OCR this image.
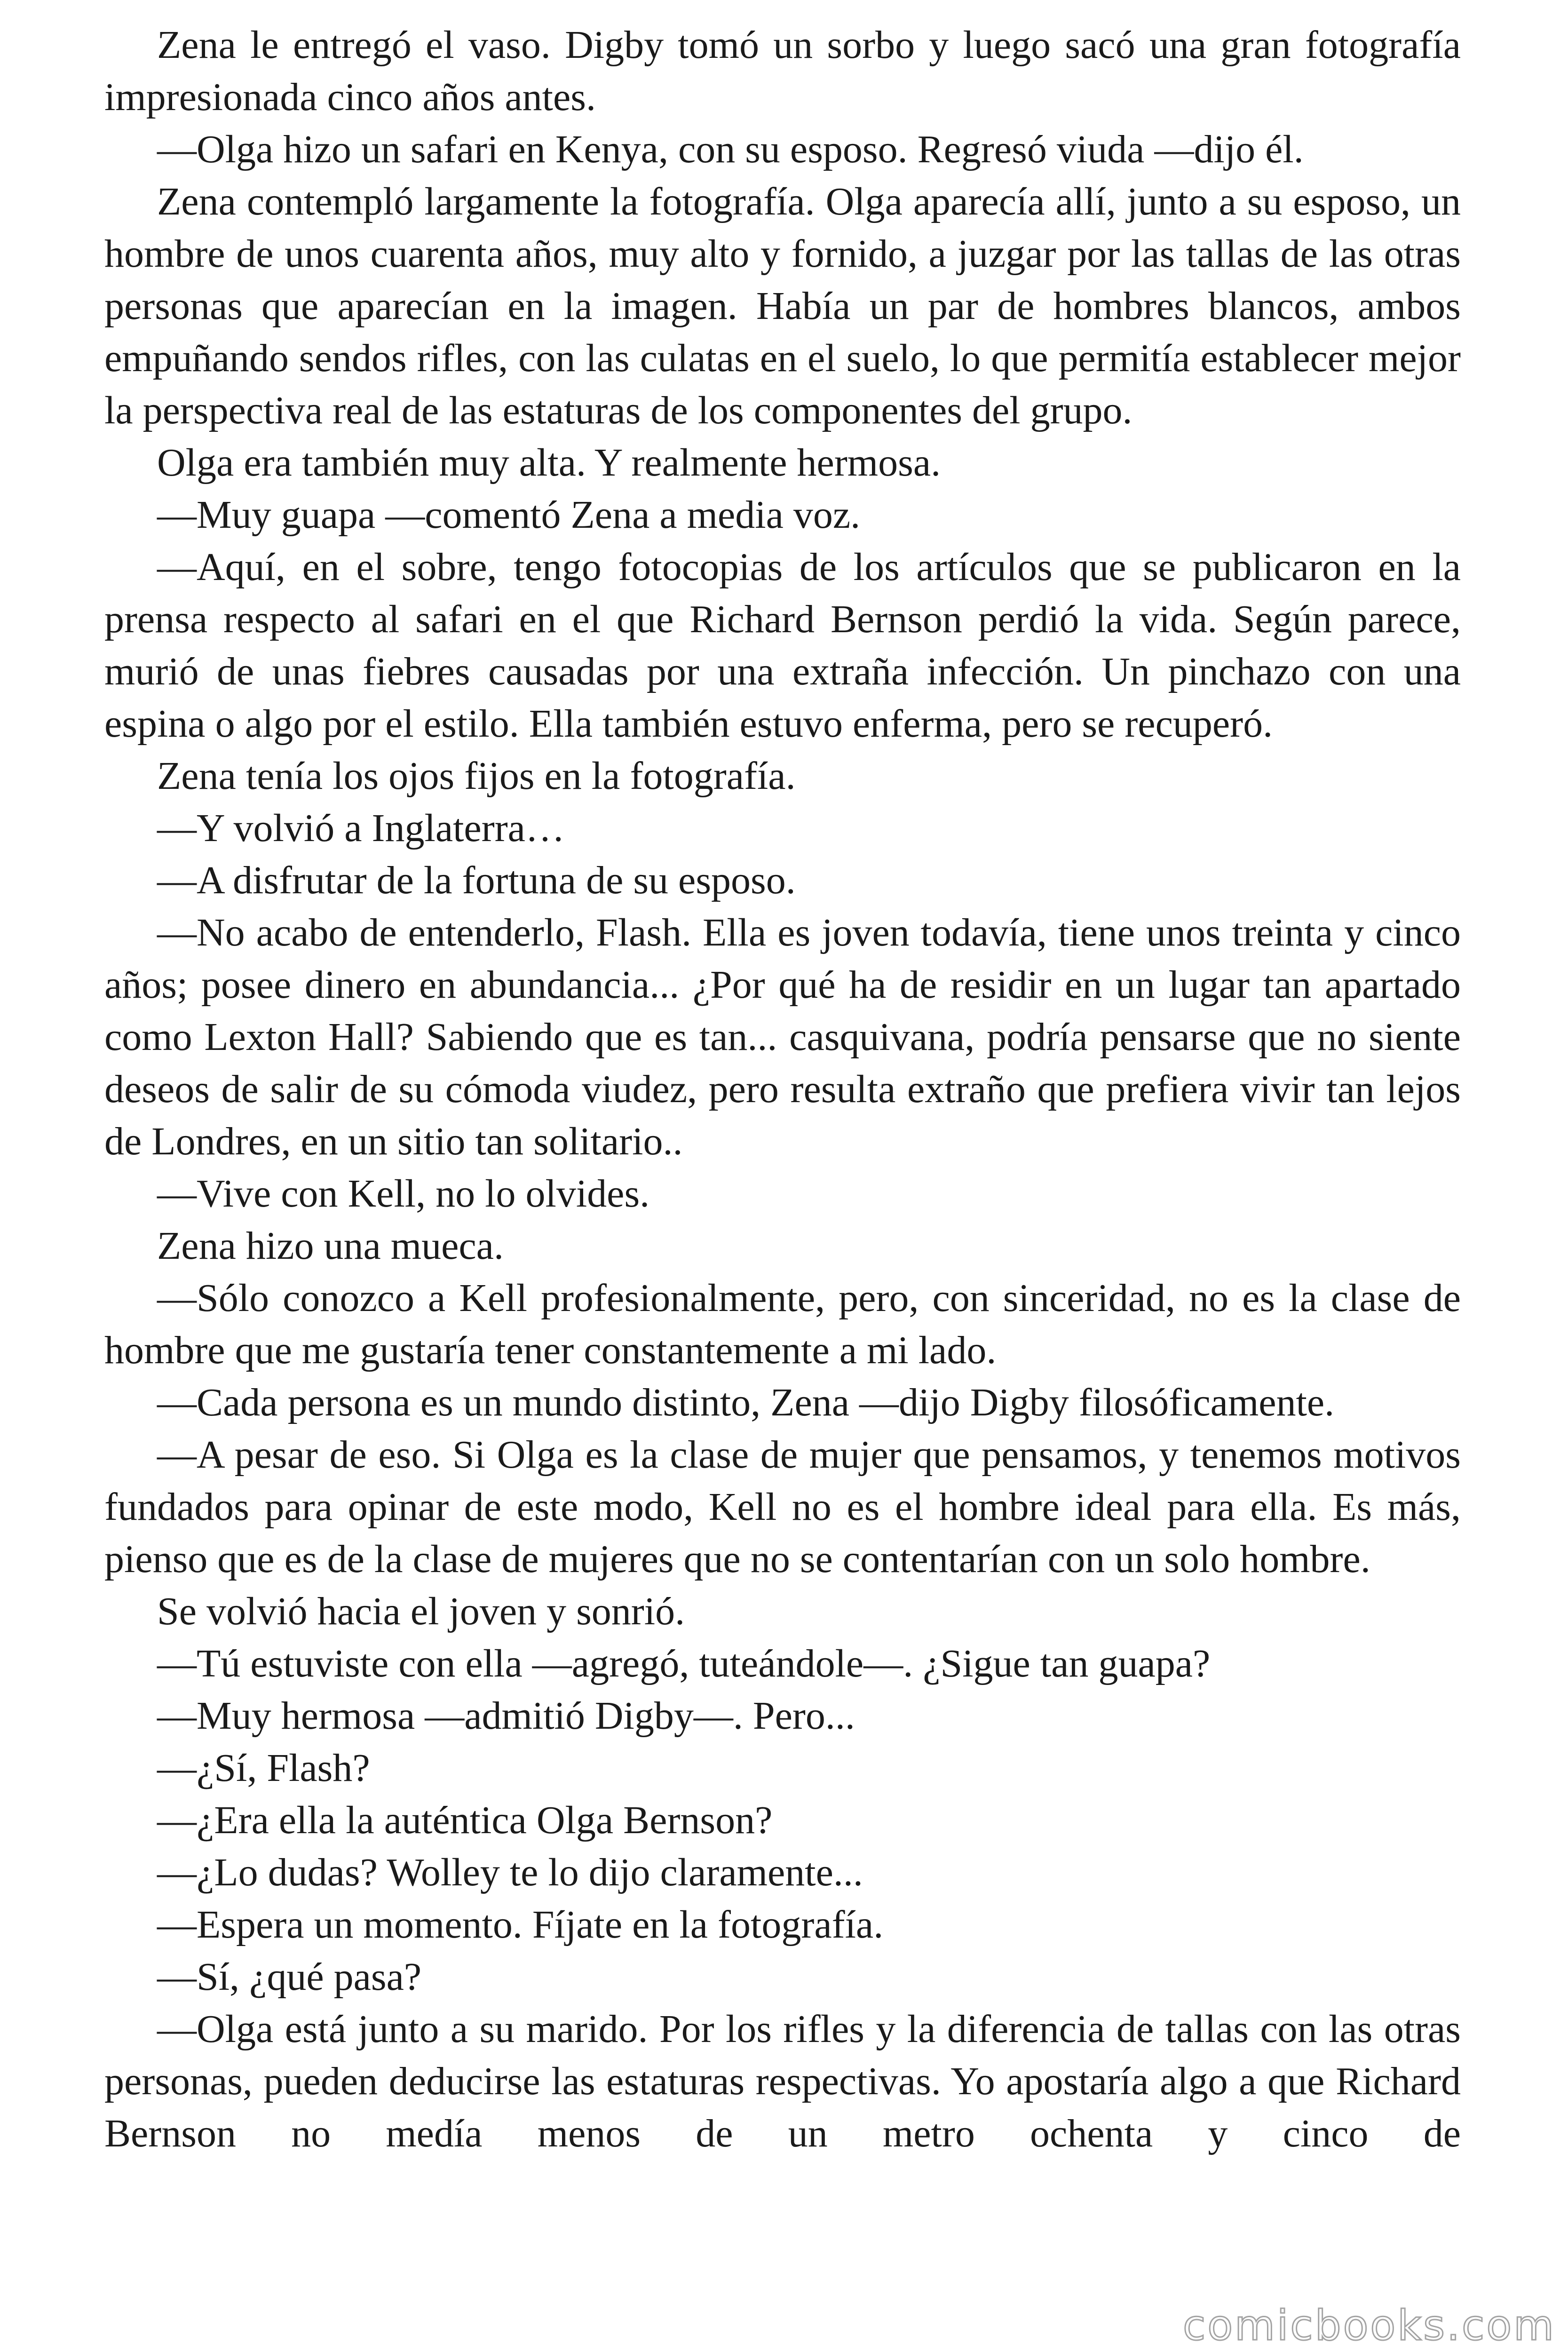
Zena le entregó el vaso. Digby tomó un sorbo y luego sacó una gran fotografía impresionada cinco años antes.

—Olga hizo un safari en Kenya, con su esposo. Regresó viuda —dijo él.

Zena contempló largamente la fotografía. Olga aparecía allí, junto a su esposo, un hombre de unos cuarenta años, muy alto y fornido, a juzgar por las tallas de las otras personas que aparecían en la imagen. Había un par de hombres blancos, ambos empuñando sendos rifles, con las culatas en el suelo, lo que permitía establecer mejor la perspectiva real de las estaturas de los componentes del grupo.

Olga era también muy alta. Y realmente hermosa.

—Muy guapa —comentó Zena a media voz.

—Aquí, en el sobre, tengo fotocopias de los artículos que se publicaron en la prensa respecto al safari en el que Richard Bernson perdió la vida. Según parece, murió de unas fiebres causadas por una extraña infección. Un pinchazo con una espina o algo por el estilo. Ella también estuvo enferma, pero se recuperó.

Zena tenía los ojos fijos en la fotografía.

—Y volvió a Inglaterra…

—A disfrutar de la fortuna de su esposo.

—No acabo de entenderlo, Flash. Ella es joven todavía, tiene unos treinta y cinco años; posee dinero en abundancia... ¿Por qué ha de residir en un lugar tan apartado como Lexton Hall? Sabiendo que es tan... casquivana, podría pensarse que no siente deseos de salir de su cómoda viudez, pero resulta extraño que prefiera vivir tan lejos de Londres, en un sitio tan solitario..

—Vive con Kell, no lo olvides.

Zena hizo una mueca.

—Sólo conozco a Kell profesionalmente, pero, con sinceridad, no es la clase de hombre que me gustaría tener constantemente a mi lado.

—Cada persona es un mundo distinto, Zena —dijo Digby filosóficamente.

—A pesar de eso. Si Olga es la clase de mujer que pensamos, y tenemos motivos fundados para opinar de este modo, Kell no es el hombre ideal para ella. Es más, pienso que es de la clase de mujeres que no se contentarían con un solo hombre.

Se volvió hacia el joven y sonrió.

—Tú estuviste con ella —agregó, tuteándole—. ¿Sigue tan guapa?

—Muy hermosa —admitió Digby—. Pero...

—¿Sí, Flash?

—¿Era ella la auténtica Olga Bernson?

—¿Lo dudas? Wolley te lo dijo claramente...

—Espera un momento. Fíjate en la fotografía.

—Sí, ¿qué pasa?

—Olga está junto a su marido. Por los rifles y la diferencia de tallas con las otras personas, pueden deducirse las estaturas respectivas. Yo apostaría algo a que Richard Bernson no medía menos de un metro ochenta y cinco de

comicbooks.com
